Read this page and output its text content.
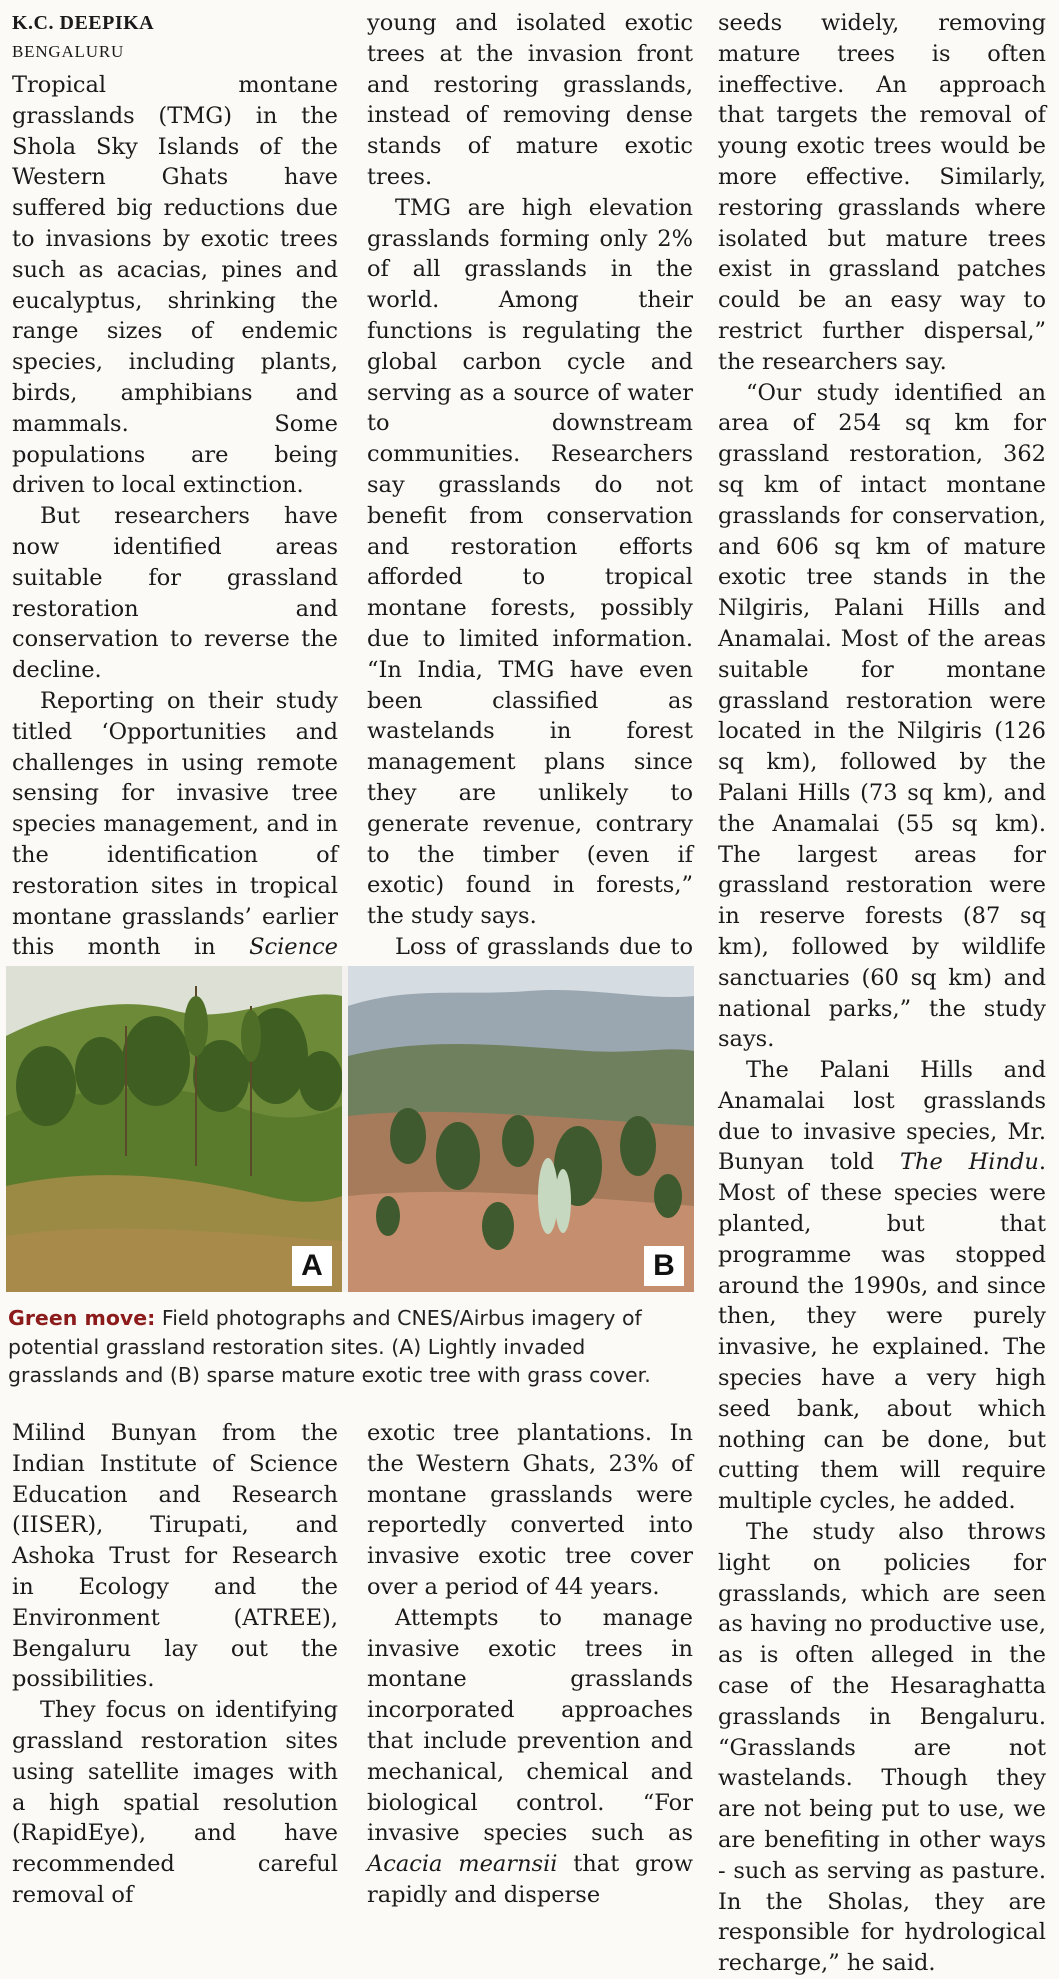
K.C. DEEPIKA
BENGALURU

Tropical montane grasslands (TMG) in the Shola Sky Islands of the Western Ghats have suffered big reductions due to invasions by exotic trees such as acacias, pines and eucalyptus, shrinking the range sizes of endemic species, including plants, birds, amphibians and mammals. Some populations are being driven to local extinction.

But researchers have now identified areas suitable for grassland restoration and conservation to reverse the decline.

Reporting on their study titled ‘Opportunities and challenges in using remote sensing for invasive tree species management, and in the identification of restoration sites in tropical montane grasslands’ earlier this month in Science

young and isolated exotic trees at the invasion front and restoring grasslands, instead of removing dense stands of mature exotic trees.

TMG are high elevation grasslands forming only 2% of all grasslands in the world. Among their functions is regulating the global carbon cycle and serving as a source of water to downstream communities. Researchers say grasslands do not benefit from conservation and restoration efforts afforded to tropical montane forests, possibly due to limited information. “In India, TMG have even been classified as wastelands in forest management plans since they are unlikely to generate revenue, contrary to the timber (even if exotic) found in forests,” the study says.

Loss of grasslands due to

seeds widely, removing mature trees is often ineffective. An approach that targets the removal of young exotic trees would be more effective. Similarly, restoring grasslands where isolated but mature trees exist in grassland patches could be an easy way to restrict further dispersal,” the researchers say.

“Our study identified an area of 254 sq km for grassland restoration, 362 sq km of intact montane grasslands for conservation, and 606 sq km of mature exotic tree stands in the Nilgiris, Palani Hills and Anamalai. Most of the areas suitable for montane grassland restoration were located in the Nilgiris (126 sq km), followed by the Palani Hills (73 sq km), and the Anamalai (55 sq km). The largest areas for grassland restoration were in reserve forests (87 sq km), followed by wildlife sanctuaries (60 sq km) and national parks,” the study says.

The Palani Hills and Anamalai lost grasslands due to invasive species, Mr. Bunyan told The Hindu. Most of these species were planted, but that programme was stopped around the 1990s, and since then, they were purely invasive, he explained. The species have a very high seed bank, about which nothing can be done, but cutting them will require multiple cycles, he added.

The study also throws light on policies for grasslands, which are seen as having no productive use, as is often alleged in the case of the Hesaraghatta grasslands in Bengaluru. “Grasslands are not wastelands. Though they are not being put to use, we are benefiting in other ways - such as serving as pasture. In the Sholas, they are responsible for hydrological recharge,” he said.

A	B
Green move: Field photographs and CNES/Airbus imagery of potential grassland restoration sites. (A) Lightly invaded grasslands and (B) sparse mature exotic tree with grass cover.

Milind Bunyan from the Indian Institute of Science Education and Research (IISER), Tirupati, and Ashoka Trust for Research in Ecology and the Environment (ATREE), Bengaluru lay out the possibilities.

They focus on identifying grassland restoration sites using satellite images with a high spatial resolution (RapidEye), and have recommended careful removal of

exotic tree plantations. In the Western Ghats, 23% of montane grasslands were reportedly converted into invasive exotic tree cover over a period of 44 years.

Attempts to manage invasive exotic trees in montane grasslands incorporated approaches that include prevention and mechanical, chemical and biological control. “For invasive species such as Acacia mearnsii that grow rapidly and disperse
